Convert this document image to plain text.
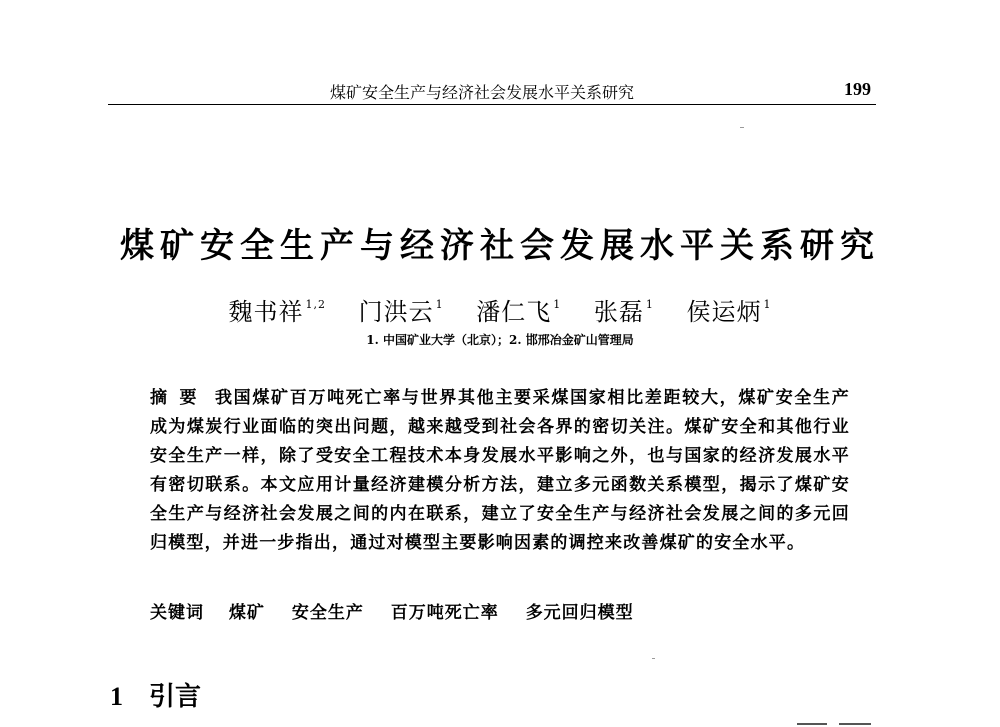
煤矿安全生产与经济社会发展水平关系研究	199
煤矿安全生产与经济社会发展水平关系研究
魏书祥 $^{1,2}$ 门洪云 $^1$ 潘仁飞 $^1$ 张磊 $^1$ 侯运炳 $^1$
1. 中国矿业大学（北京）；2. 邯邢冶金矿山管理局
摘要 我国煤矿百万吨死亡率与世界其他主要采煤国家相比差距较大，煤矿安全生产成为煤炭行业面临的突出问题，越来越受到社会各界的密切关注。煤矿安全和其他行业安全生产一样，除了受安全工程技术本身发展水平影响之外，也与国家的经济发展水平有密切联系。本文应用计量经济建模分析方法，建立多元函数关系模型，揭示了煤矿安全生产与经济社会发展之间的内在联系，建立了安全生产与经济社会发展之间的多元回归模型，并进一步指出，通过对模型主要影响因素的调控来改善煤矿的安全水平。
关键词 煤矿 安全生产 百万吨死亡率 多元回归模型
1 引言
